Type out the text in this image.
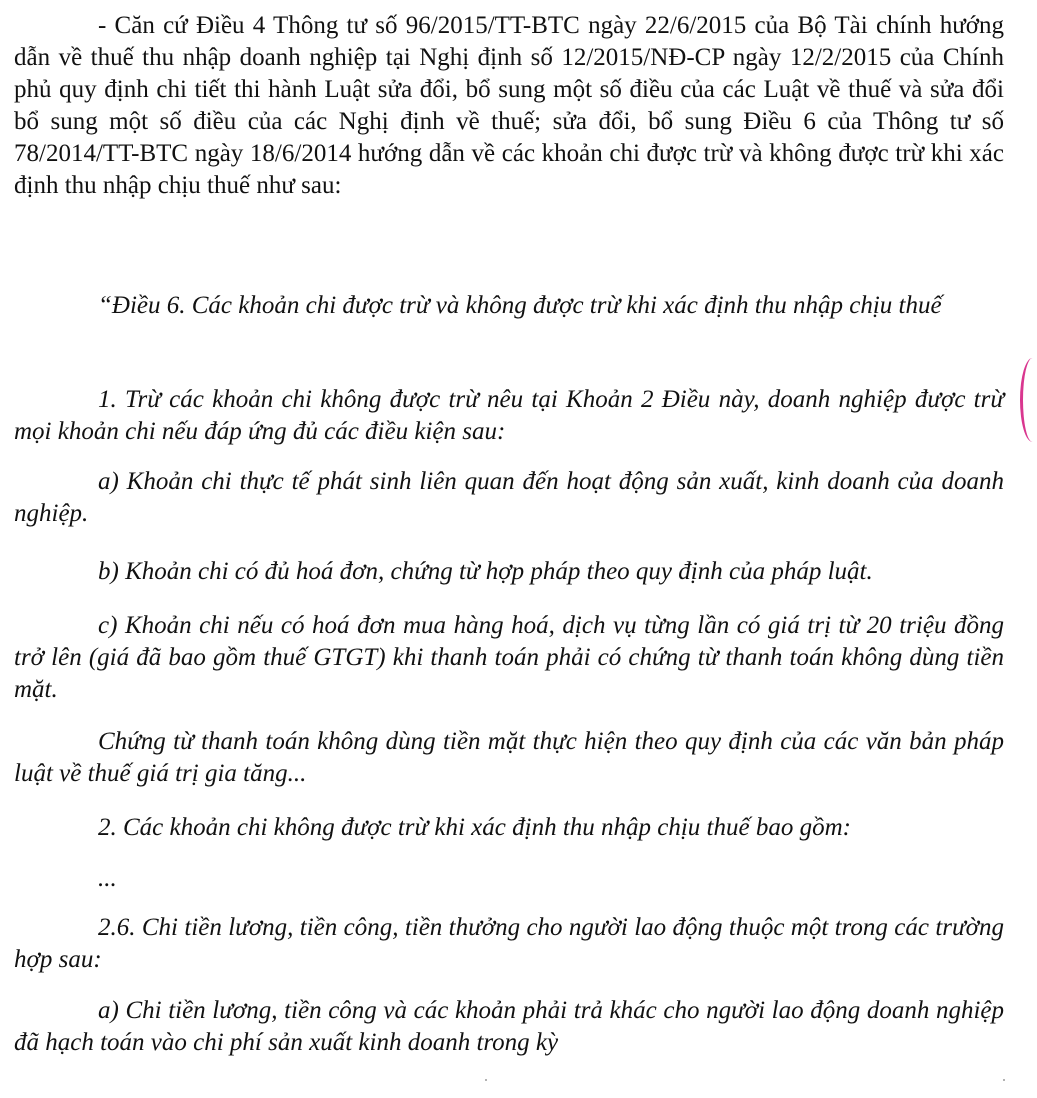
- Căn cứ Điều 4 Thông tư số 96/2015/TT-BTC ngày 22/6/2015 của Bộ Tài chính hướng dẫn về thuế thu nhập doanh nghiệp tại Nghị định số 12/2015/NĐ-CP ngày 12/2/2015 của Chính phủ quy định chi tiết thi hành Luật sửa đổi, bổ sung một số điều của các Luật về thuế và sửa đổi bổ sung một số điều của các Nghị định về thuế; sửa đổi, bổ sung Điều 6 của Thông tư số 78/2014/TT-BTC ngày 18/6/2014 hướng dẫn về các khoản chi được trừ và không được trừ khi xác định thu nhập chịu thuế như sau:

“Điều 6. Các khoản chi được trừ và không được trừ khi xác định thu nhập chịu thuế

1. Trừ các khoản chi không được trừ nêu tại Khoản 2 Điều này, doanh nghiệp được trừ mọi khoản chi nếu đáp ứng đủ các điều kiện sau:

a) Khoản chi thực tế phát sinh liên quan đến hoạt động sản xuất, kinh doanh của doanh nghiệp.

b) Khoản chi có đủ hoá đơn, chứng từ hợp pháp theo quy định của pháp luật.

c) Khoản chi nếu có hoá đơn mua hàng hoá, dịch vụ từng lần có giá trị từ 20 triệu đồng trở lên (giá đã bao gồm thuế GTGT) khi thanh toán phải có chứng từ thanh toán không dùng tiền mặt.

Chứng từ thanh toán không dùng tiền mặt thực hiện theo quy định của các văn bản pháp luật về thuế giá trị gia tăng...

2. Các khoản chi không được trừ khi xác định thu nhập chịu thuế bao gồm:

...

2.6. Chi tiền lương, tiền công, tiền thưởng cho người lao động thuộc một trong các trường hợp sau:

a) Chi tiền lương, tiền công và các khoản phải trả khác cho người lao động doanh nghiệp đã hạch toán vào chi phí sản xuất kinh doanh trong kỳ
